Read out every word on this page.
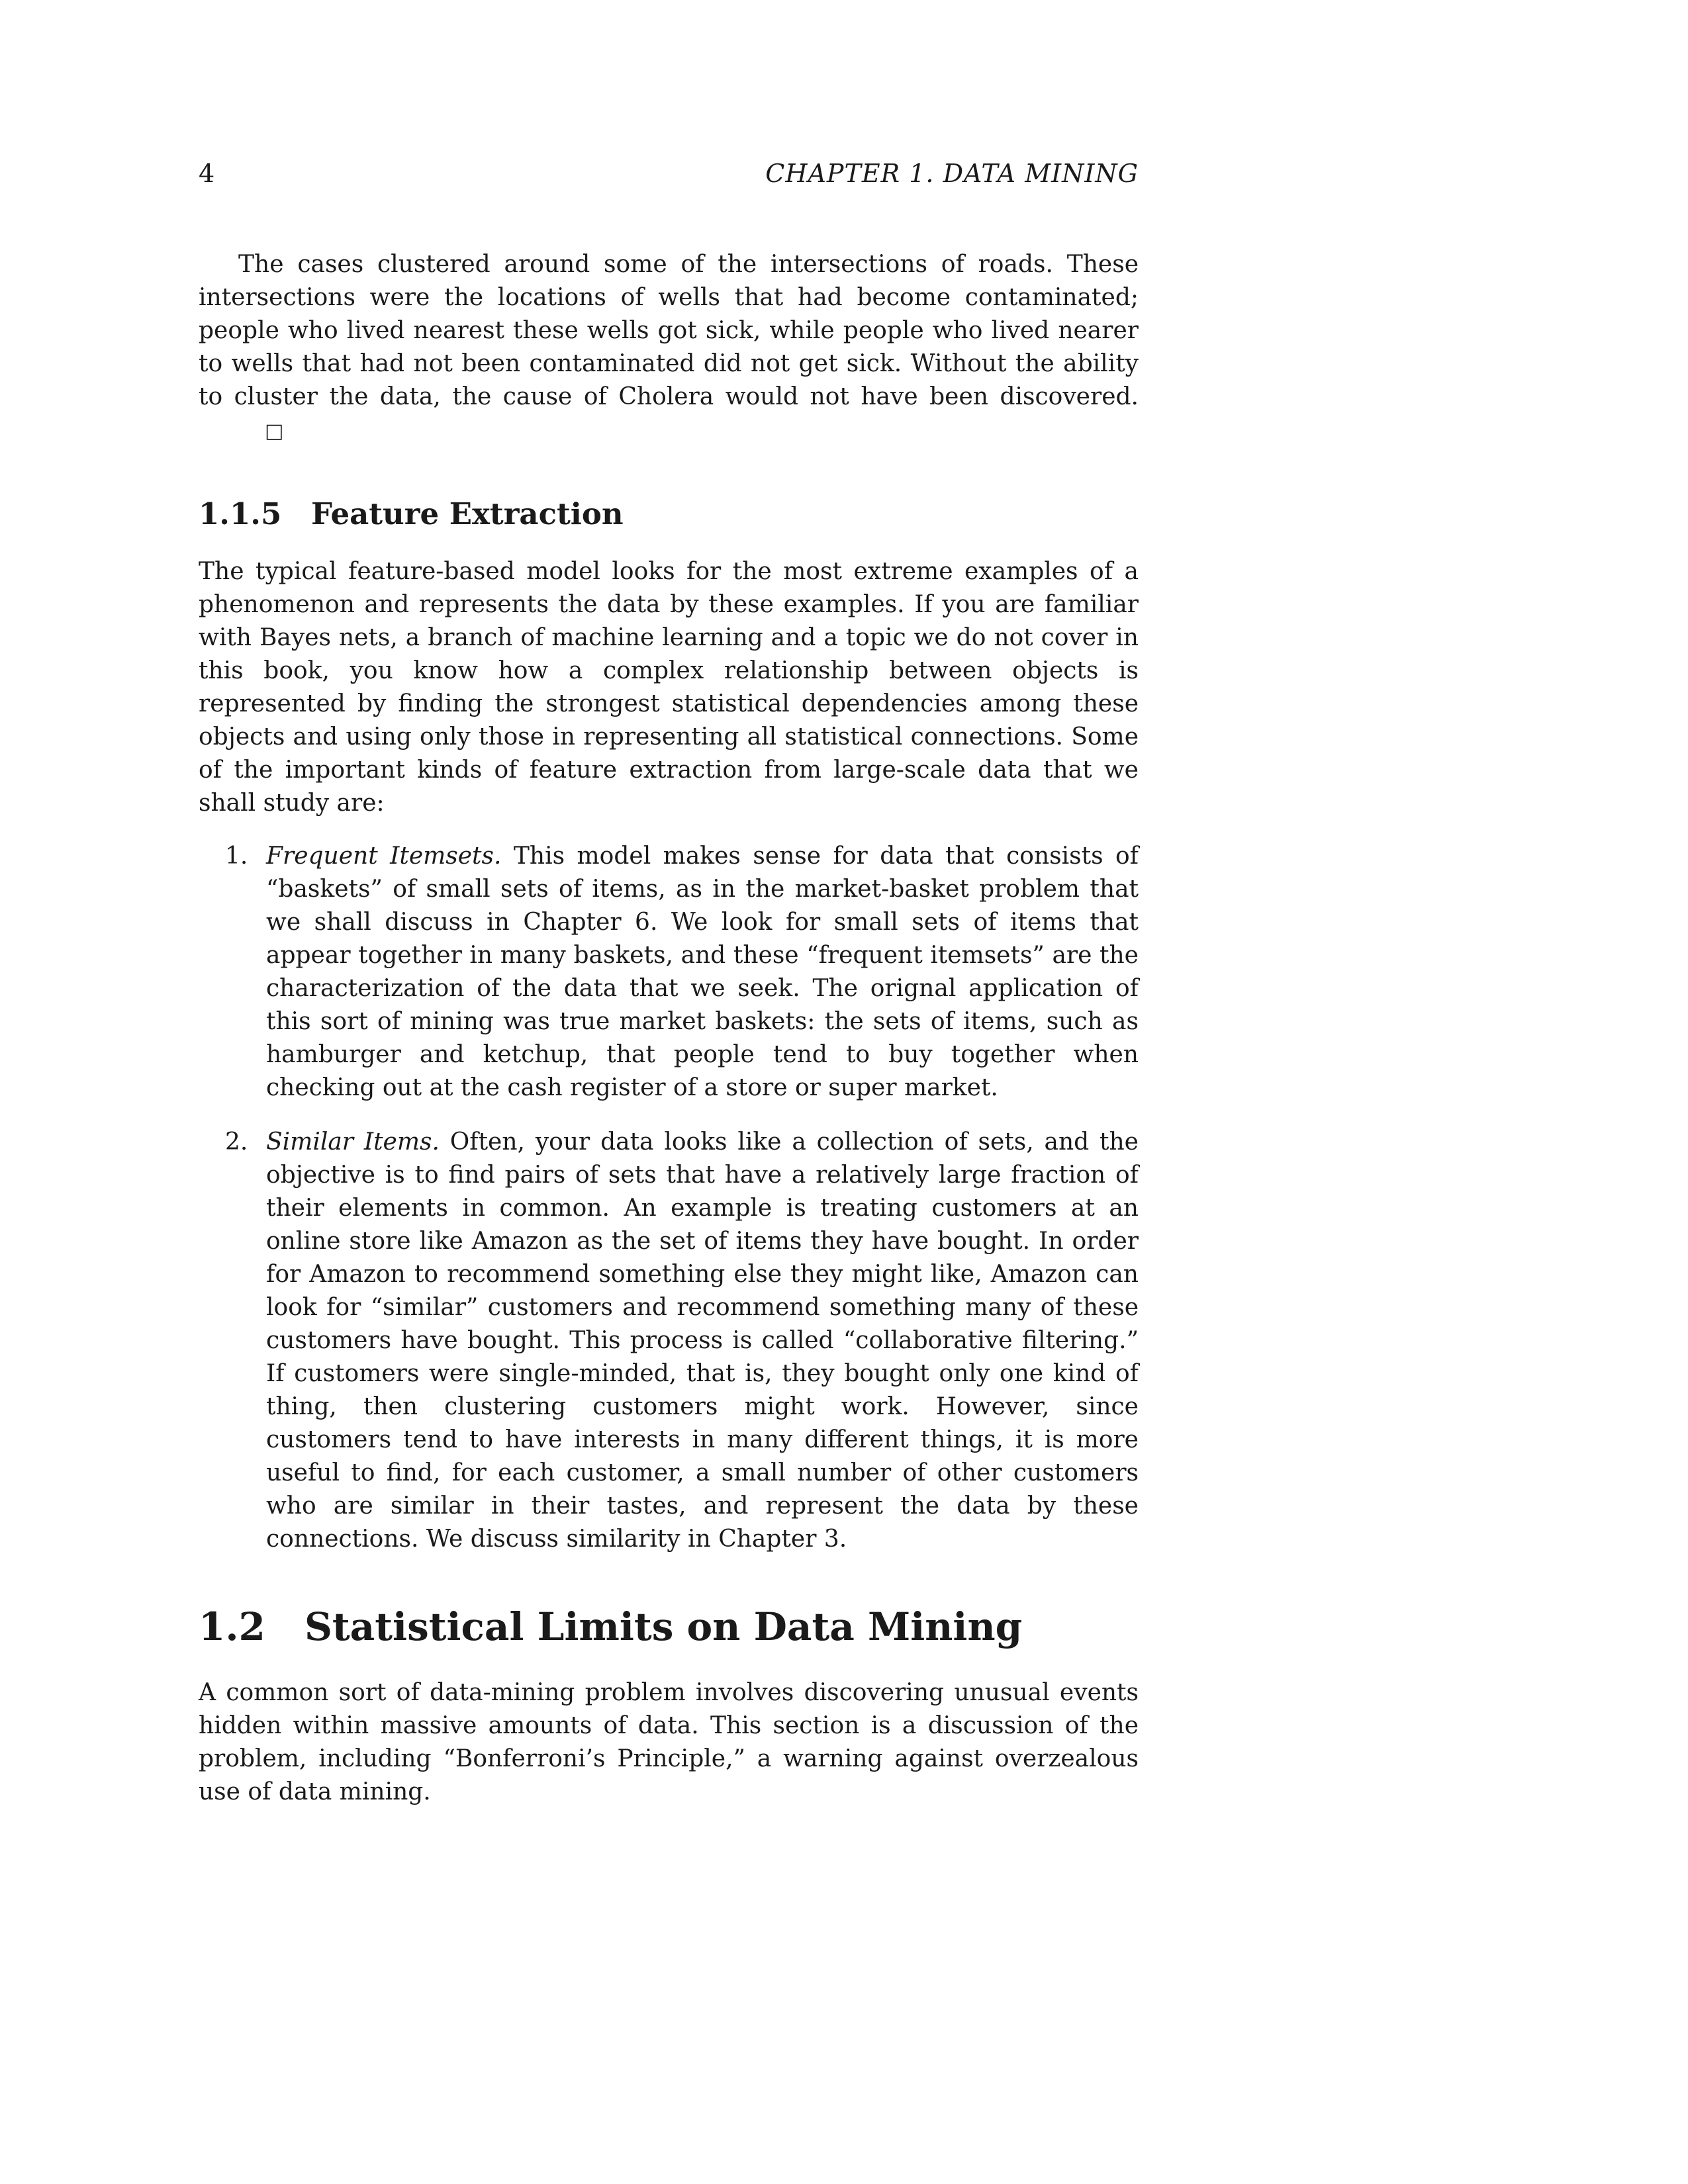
4	CHAPTER 1. DATA MINING

The cases clustered around some of the intersections of roads. These intersections were the locations of wells that had become contaminated; people who lived nearest these wells got sick, while people who lived nearer to wells that had not been contaminated did not get sick. Without the ability to cluster the data, the cause of Cholera would not have been discovered.□

1.1.5 Feature Extraction

The typical feature-based model looks for the most extreme examples of a phenomenon and represents the data by these examples. If you are familiar with Bayes nets, a branch of machine learning and a topic we do not cover in this book, you know how a complex relationship between objects is represented by finding the strongest statistical dependencies among these objects and using only those in representing all statistical connections. Some of the important kinds of feature extraction from large-scale data that we shall study are:

1. Frequent Itemsets. This model makes sense for data that consists of “baskets” of small sets of items, as in the market-basket problem that we shall discuss in Chapter 6. We look for small sets of items that appear together in many baskets, and these “frequent itemsets” are the characterization of the data that we seek. The orignal application of this sort of mining was true market baskets: the sets of items, such as hamburger and ketchup, that people tend to buy together when checking out at the cash register of a store or super market.

2. Similar Items. Often, your data looks like a collection of sets, and the objective is to find pairs of sets that have a relatively large fraction of their elements in common. An example is treating customers at an online store like Amazon as the set of items they have bought. In order for Amazon to recommend something else they might like, Amazon can look for “similar” customers and recommend something many of these customers have bought. This process is called “collaborative filtering.” If customers were single-minded, that is, they bought only one kind of thing, then clustering customers might work. However, since customers tend to have interests in many different things, it is more useful to find, for each customer, a small number of other customers who are similar in their tastes, and represent the data by these connections. We discuss similarity in Chapter 3.

1.2 Statistical Limits on Data Mining

A common sort of data-mining problem involves discovering unusual events hidden within massive amounts of data. This section is a discussion of the problem, including “Bonferroni’s Principle,” a warning against overzealous use of data mining.
